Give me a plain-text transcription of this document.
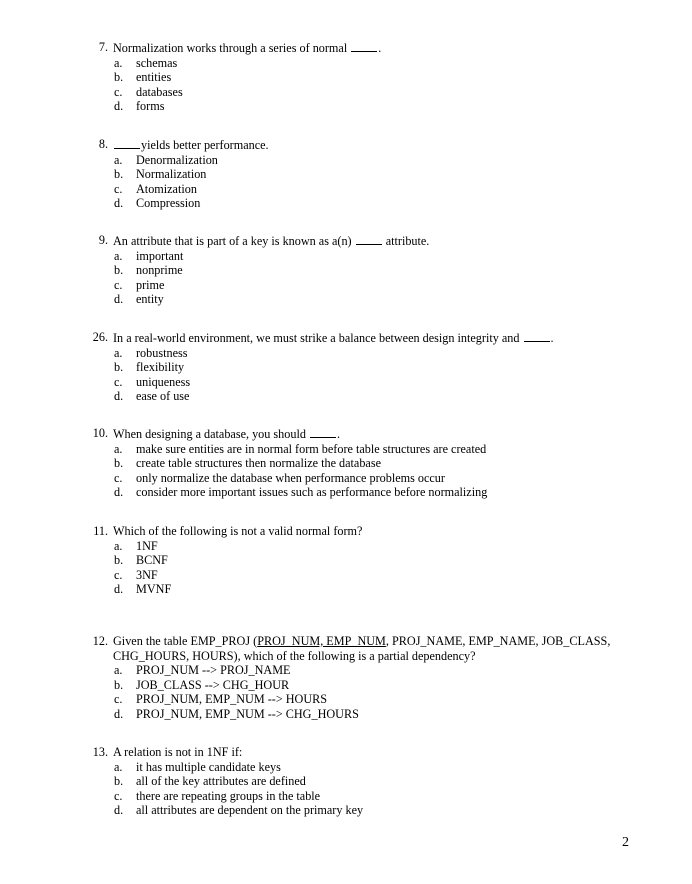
7. Normalization works through a series of normal	.
a. schemas
b. entities
c. databases
d. forms
8.	yields better performance.
a. Denormalization
b. Normalization
c. Atomization
d. Compression
9. An attribute that is part of a key is known as a(n)	attribute.
a. important
b. nonprime
c. prime
d. entity
26. In a real-world environment, we must strike a balance between design integrity and	.
a. robustness
b. flexibility
c. uniqueness
d. ease of use
10. When designing a database, you should	.
a. make sure entities are in normal form before table structures are created
b. create table structures then normalize the database
c. only normalize the database when performance problems occur
d. consider more important issues such as performance before normalizing
11. Which of the following is not a valid normal form?
a. 1NF
b. BCNF
c. 3NF
d. MVNF
12. Given the table EMP_PROJ (PROJ_NUM, EMP_NUM, PROJ_NAME, EMP_NAME, JOB_CLASS,
CHG_HOURS, HOURS), which of the following is a partial dependency?
a. PROJ_NUM --> PROJ_NAME
b. JOB_CLASS --> CHG_HOUR
c. PROJ_NUM, EMP_NUM --> HOURS
d. PROJ_NUM, EMP_NUM --> CHG_HOURS
13. A relation is not in 1NF if:
a. it has multiple candidate keys
b. all of the key attributes are defined
c. there are repeating groups in the table
d. all attributes are dependent on the primary key
2
